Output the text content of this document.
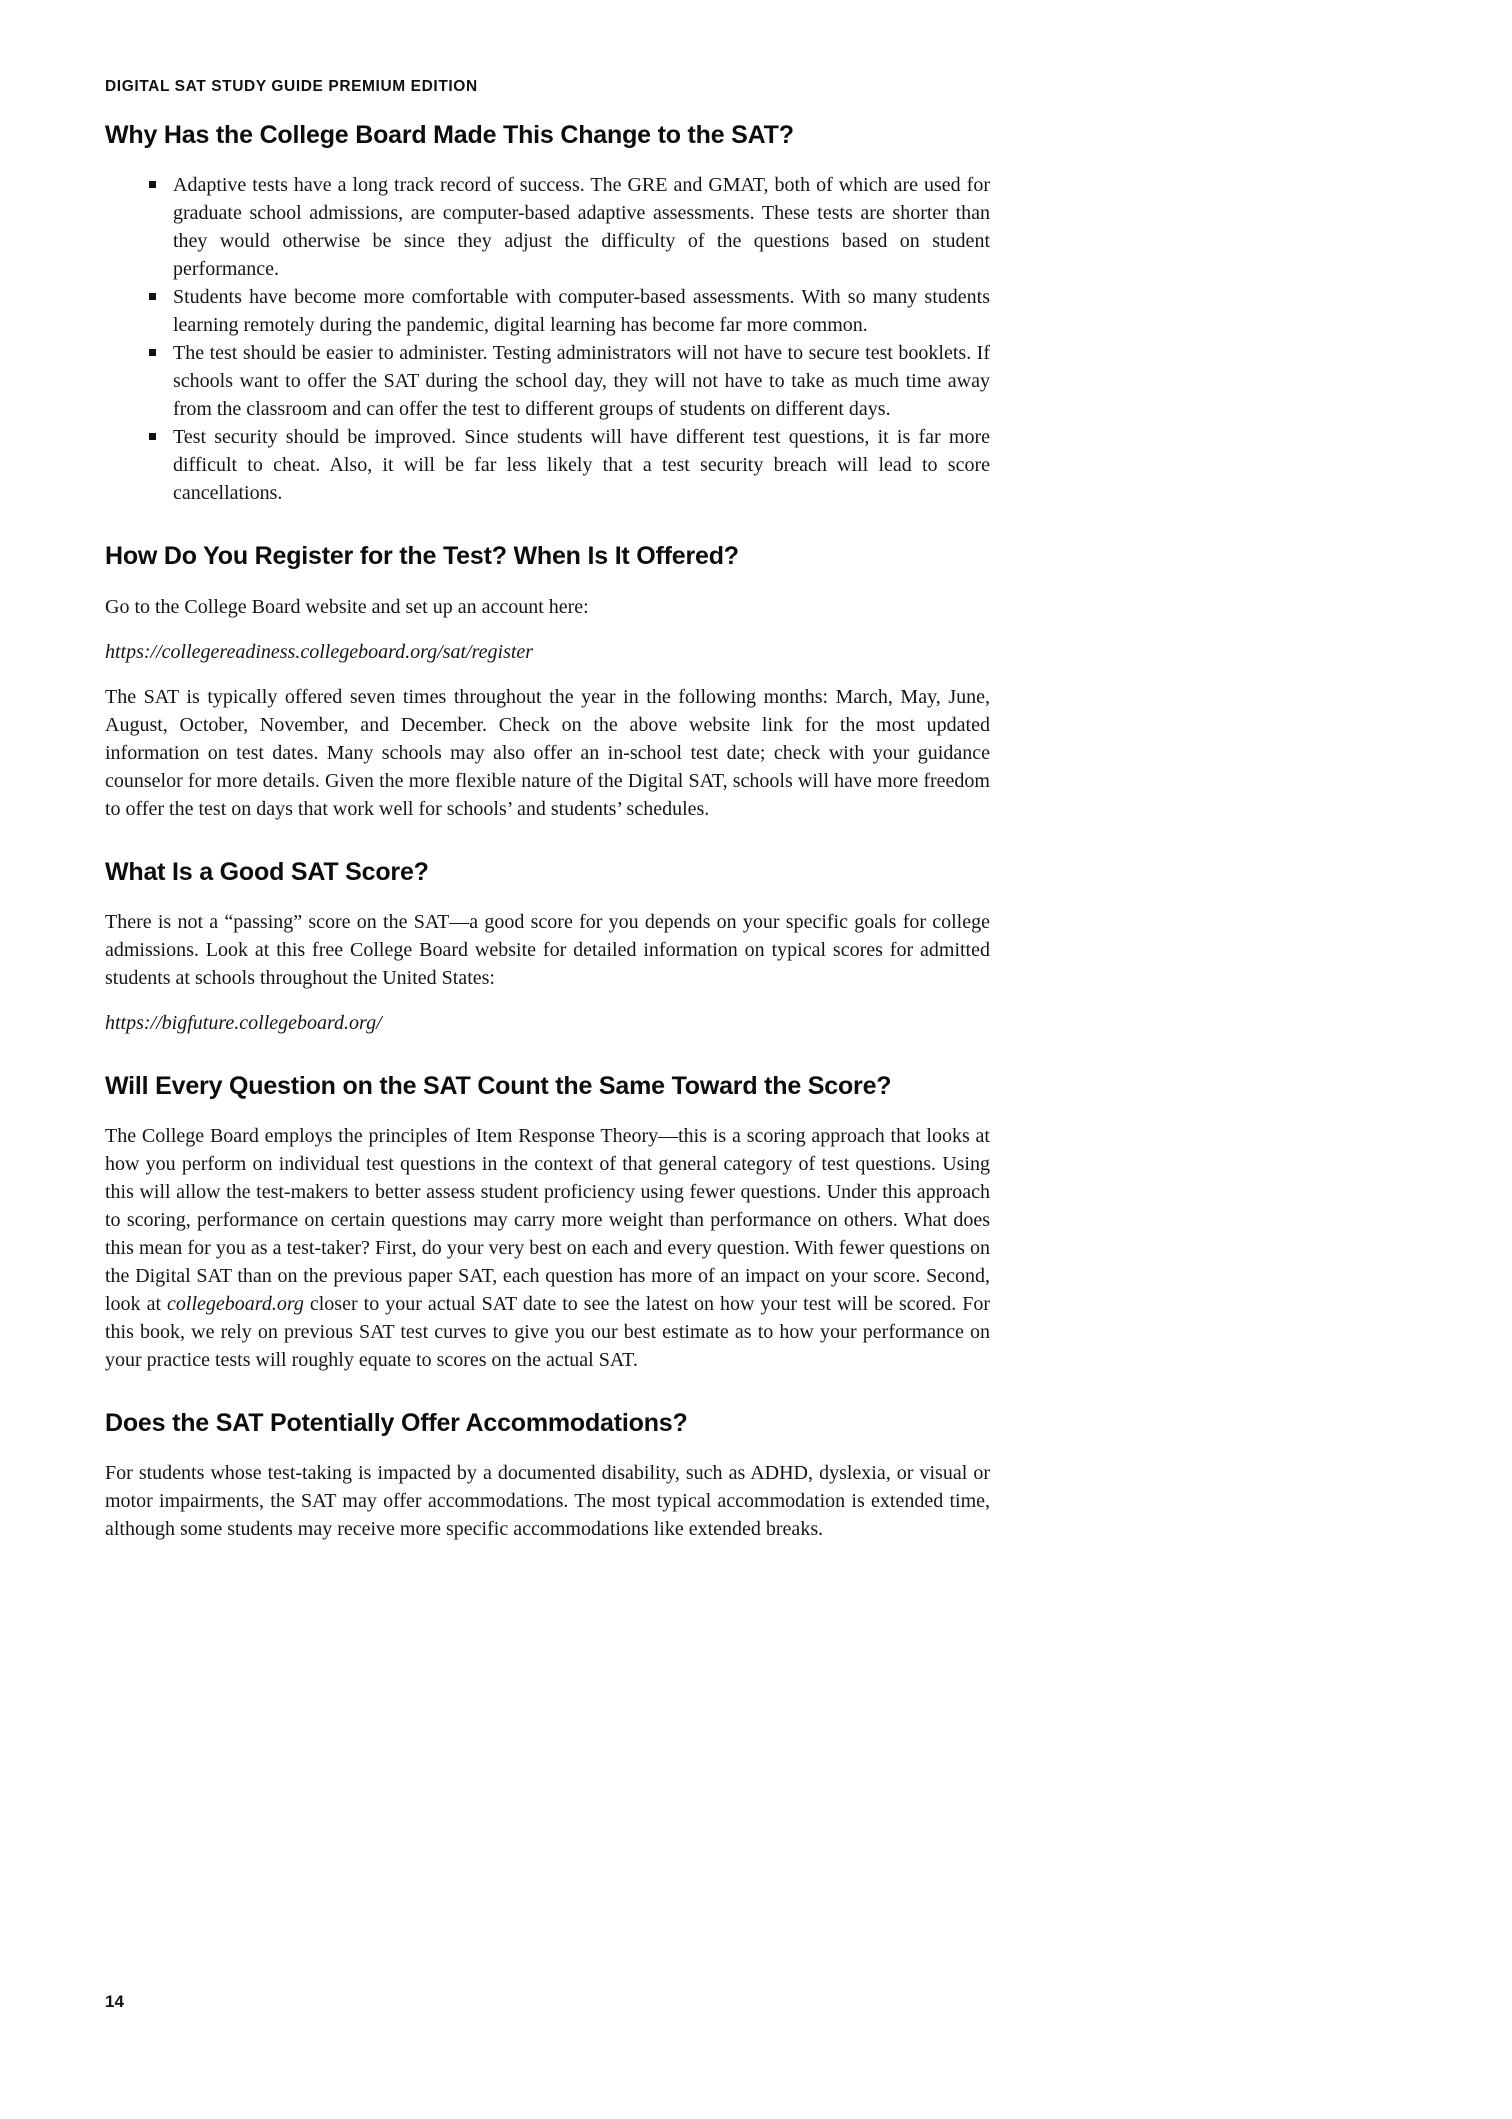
DIGITAL SAT STUDY GUIDE PREMIUM EDITION
Why Has the College Board Made This Change to the SAT?

Adaptive tests have a long track record of success. The GRE and GMAT, both of which are used for graduate school admissions, are computer-based adaptive assessments. These tests are shorter than they would otherwise be since they adjust the difficulty of the questions based on student performance.

Students have become more comfortable with computer-based assessments. With so many students learning remotely during the pandemic, digital learning has become far more common.

The test should be easier to administer. Testing administrators will not have to secure test booklets. If schools want to offer the SAT during the school day, they will not have to take as much time away from the classroom and can offer the test to different groups of students on different days.

Test security should be improved. Since students will have different test questions, it is far more difficult to cheat. Also, it will be far less likely that a test security breach will lead to score cancellations.

How Do You Register for the Test? When Is It Offered?

Go to the College Board website and set up an account here:

https://collegereadiness.collegeboard.org/sat/register

The SAT is typically offered seven times throughout the year in the following months: March, May, June, August, October, November, and December. Check on the above website link for the most updated information on test dates. Many schools may also offer an in-school test date; check with your guidance counselor for more details. Given the more flexible nature of the Digital SAT, schools will have more freedom to offer the test on days that work well for schools’ and students’ schedules.

What Is a Good SAT Score?

There is not a “passing” score on the SAT—a good score for you depends on your specific goals for college admissions. Look at this free College Board website for detailed information on typical scores for admitted students at schools throughout the United States:

https://bigfuture.collegeboard.org/

Will Every Question on the SAT Count the Same Toward the Score?

The College Board employs the principles of Item Response Theory—this is a scoring approach that looks at how you perform on individual test questions in the context of that general category of test questions. Using this will allow the test-makers to better assess student proficiency using fewer questions. Under this approach to scoring, performance on certain questions may carry more weight than performance on others. What does this mean for you as a test-taker? First, do your very best on each and every question. With fewer questions on the Digital SAT than on the previous paper SAT, each question has more of an impact on your score. Second, look at collegeboard.org closer to your actual SAT date to see the latest on how your test will be scored. For this book, we rely on previous SAT test curves to give you our best estimate as to how your performance on your practice tests will roughly equate to scores on the actual SAT.

Does the SAT Potentially Offer Accommodations?

For students whose test-taking is impacted by a documented disability, such as ADHD, dyslexia, or visual or motor impairments, the SAT may offer accommodations. The most typical accommodation is extended time, although some students may receive more specific accommodations like extended breaks.

14
